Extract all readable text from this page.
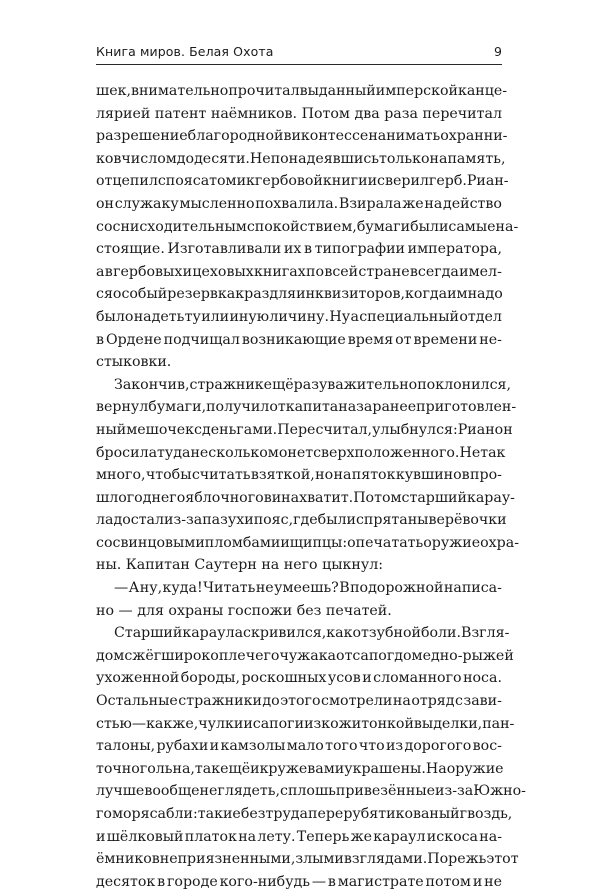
Книга миров. Белая Охота	9
шек, внимательно прочитал выданный имперской канце-
лярией патент наёмников. Потом два раза перечитал
разрешение благородной виконтессе нанимать охранни-
ков числом до десяти. Не понадеявшись только на память,
отцепил с пояса томик гербовой книги и сверил герб. Риан-
он служаку мысленно похвалила. Взирала же на действо
со снисходительным спокойствием, бумаги были самые на-
стоящие. Изготавливали их в типографии императора,
а в гербовых и цеховых книгах по всей стране всегда имел-
ся особый резерв как раз для инквизиторов, когда им надо
было надеть ту или иную личину. Ну а специальный отдел
в Ордене подчищал возникающие время от времени не-
стыковки.
Закончив, стражник ещё раз уважительно поклонился,
вернул бумаги, получил от капитана заранее приготовлен-
ный мешочек с деньгами. Пересчитал, улыбнулся: Рианон
бросила туда несколько монет сверх положенного. Не так
много, чтобы считать взяткой, но на пяток кувшинов про-
шлогоднего яблочного вина хватит. Потом старший карау-
ла достал из-за пазухи пояс, где были спрятаны верёвочки
со свинцовыми пломбами и щипцы: опечатать оружие охра-
ны. Капитан Саутерн на него цыкнул:
— А ну, куда! Читать не умеешь? В подорожной написа-
но — для охраны госпожи без печатей.
Старший караула скривился, как от зубной боли. Взгля-
дом сжёг широкоплечего чужака от сапог до медно-рыжей
ухоженной бороды, роскошных усов и сломанного носа.
Остальные стражники до этого смотрели на отряд с зави-
стью — как же, чулки и сапоги из кожи тонкой выделки, пан-
талоны, рубахи и камзолы мало того что из дорогого вос-
точного льна, так ещё и кружевами украшены. На оружие
лучше вообще не глядеть, сплошь привезённые из-за Южно-
го моря сабли: такие без труда перерубят и кованый гвоздь,
и шёлковый платок на лету. Теперь же караул искоса на-
ёмников неприязненными, злыми взглядами. Порежь этот
десяток в городе кого-нибудь — в магистрате потом и не
